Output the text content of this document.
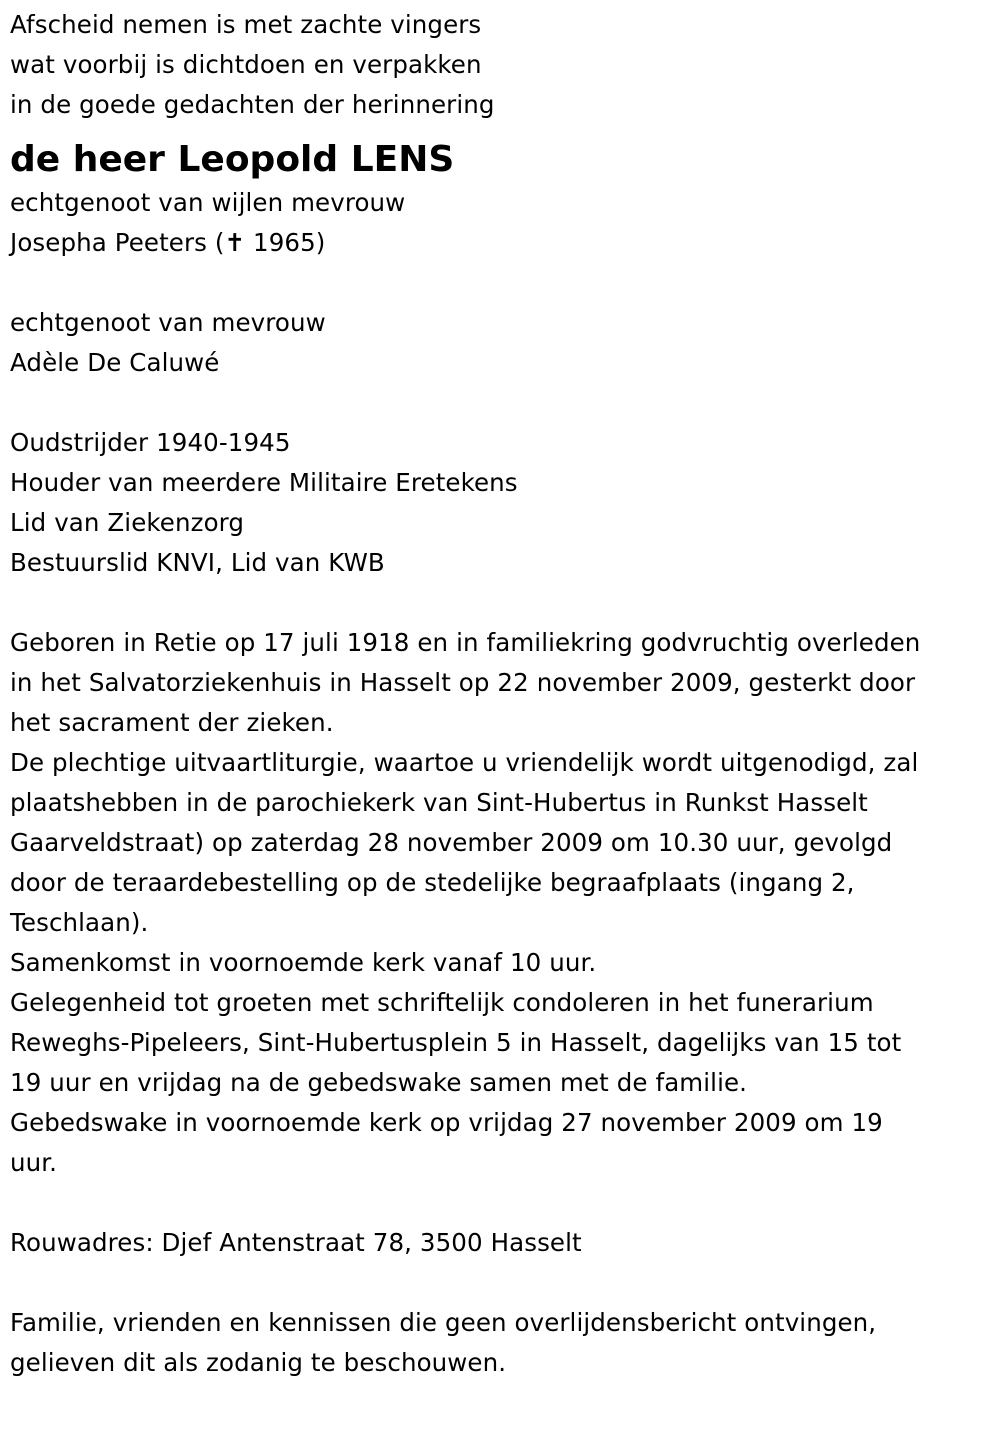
Afscheid nemen is met zachte vingers
wat voorbij is dichtdoen en verpakken
in de goede gedachten der herinnering
de heer Leopold LENS
echtgenoot van wijlen mevrouw
Josepha Peeters (✝ 1965)
echtgenoot van mevrouw
Adèle De Caluwé
Oudstrijder 1940-1945
Houder van meerdere Militaire Eretekens
Lid van Ziekenzorg
Bestuurslid KNVI, Lid van KWB
Geboren in Retie op 17 juli 1918 en in familiekring godvruchtig overleden
in het Salvatorziekenhuis in Hasselt op 22 november 2009, gesterkt door
het sacrament der zieken.
De plechtige uitvaartliturgie, waartoe u vriendelijk wordt uitgenodigd, zal
plaatshebben in de parochiekerk van Sint-Hubertus in Runkst Hasselt
Gaarveldstraat) op zaterdag 28 november 2009 om 10.30 uur, gevolgd
door de teraardebestelling op de stedelijke begraafplaats (ingang 2,
Teschlaan).
Samenkomst in voornoemde kerk vanaf 10 uur.
Gelegenheid tot groeten met schriftelijk condoleren in het funerarium
Reweghs-Pipeleers, Sint-Hubertusplein 5 in Hasselt, dagelijks van 15 tot
19 uur en vrijdag na de gebedswake samen met de familie.
Gebedswake in voornoemde kerk op vrijdag 27 november 2009 om 19
uur.
Rouwadres: Djef Antenstraat 78, 3500 Hasselt
Familie, vrienden en kennissen die geen overlijdensbericht ontvingen,
gelieven dit als zodanig te beschouwen.
